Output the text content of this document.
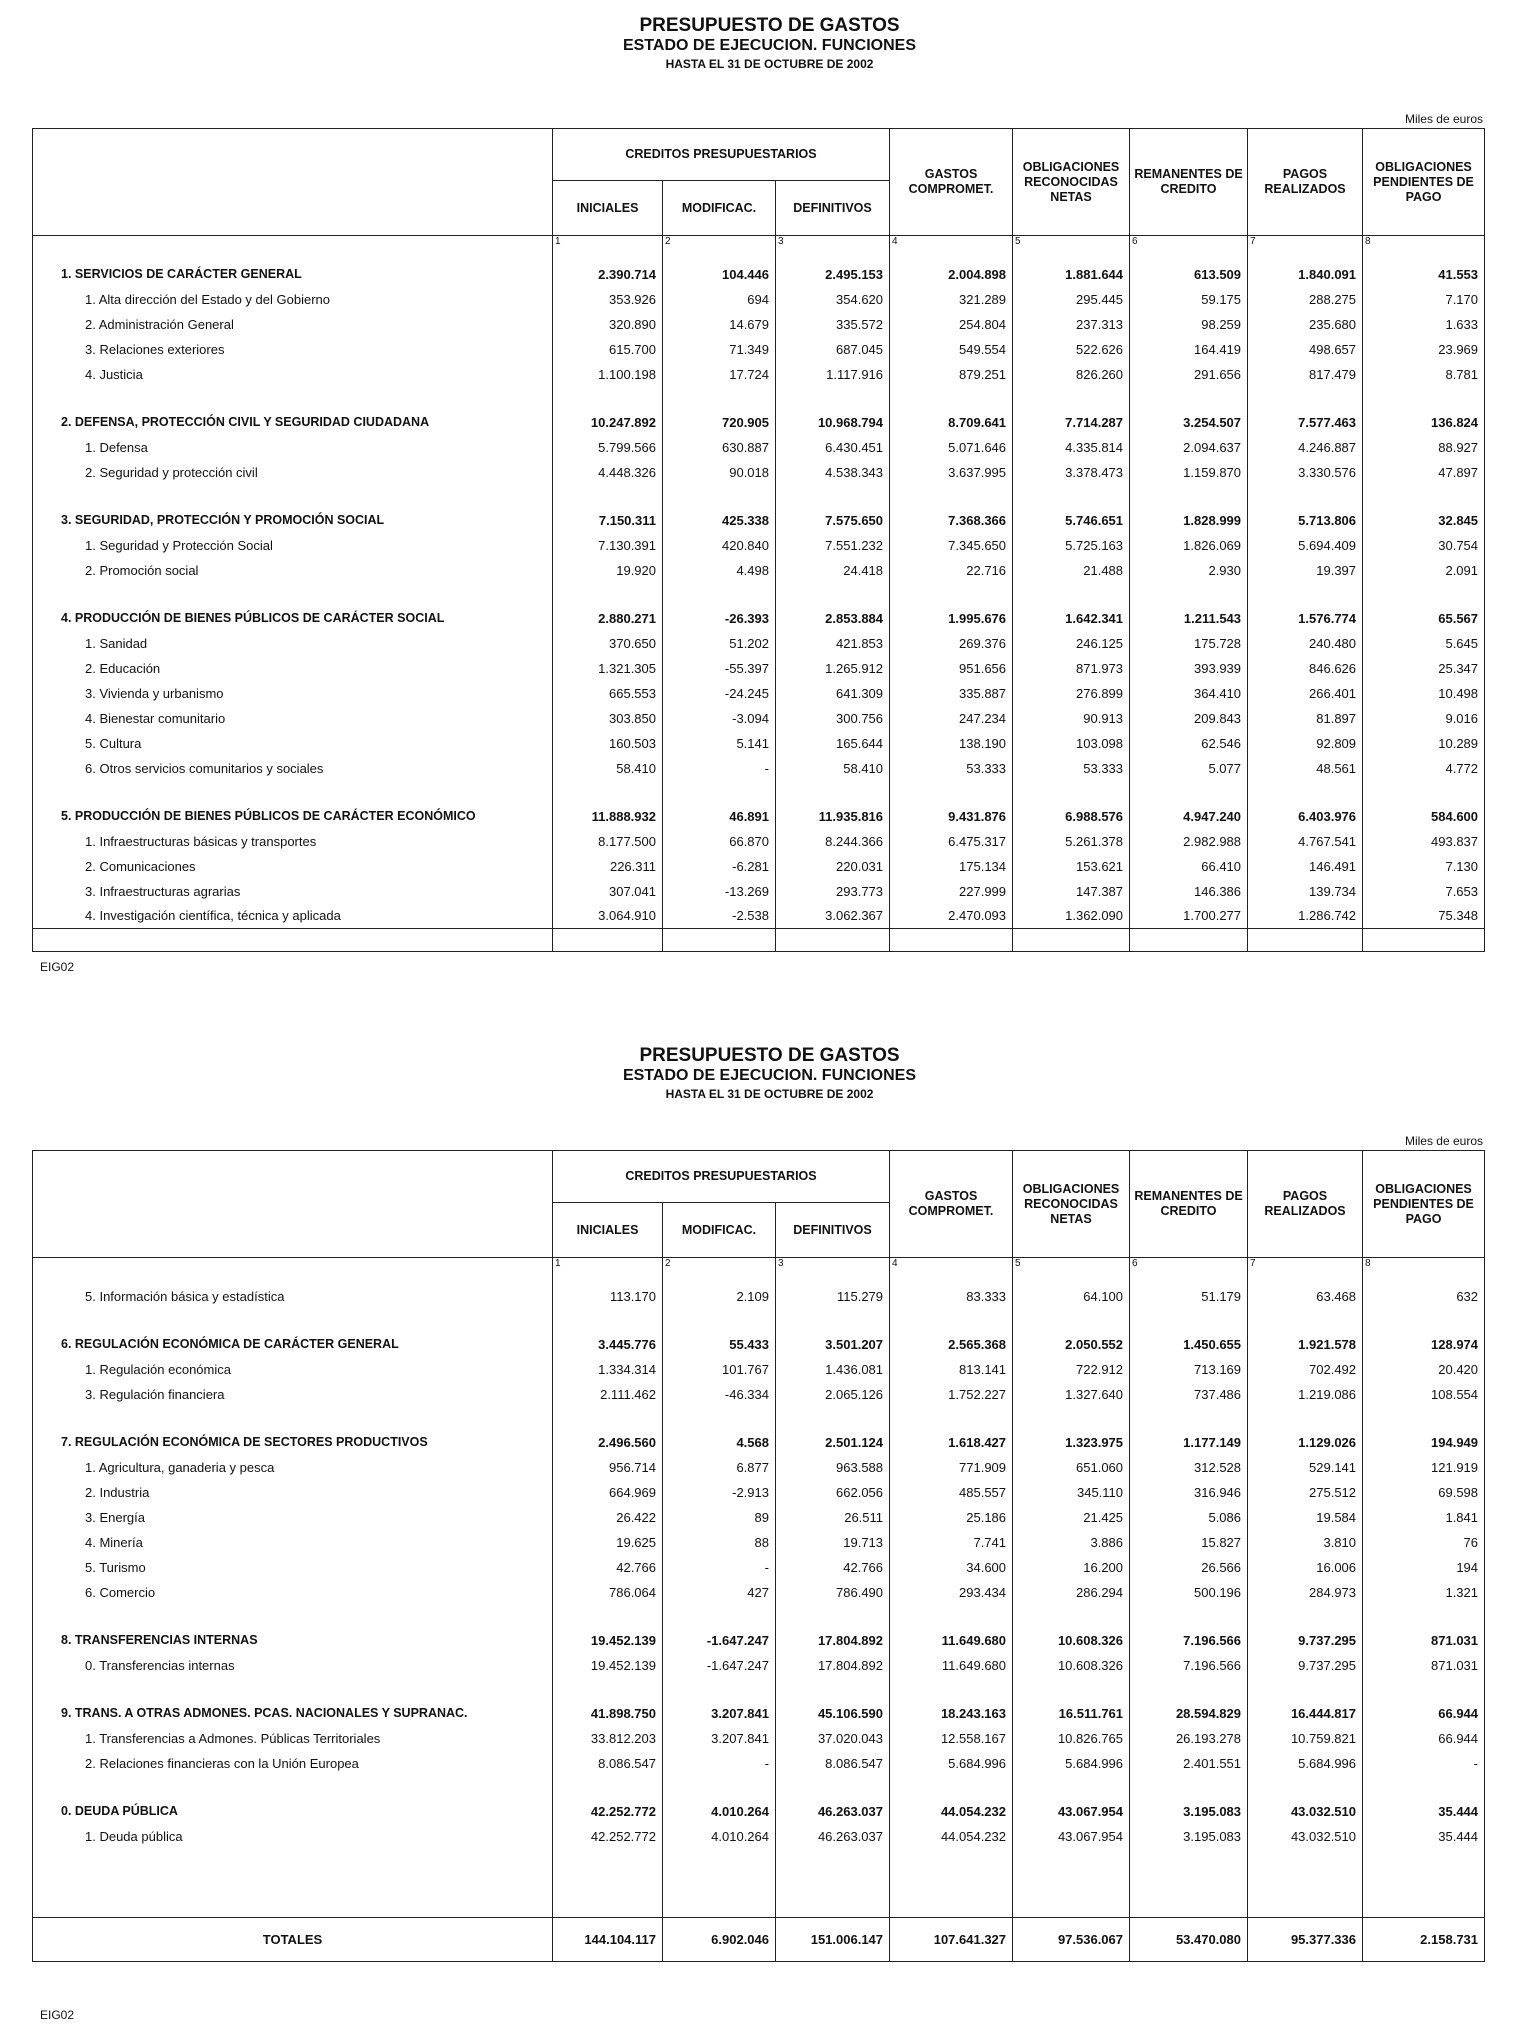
PRESUPUESTO DE GASTOS
ESTADO DE EJECUCION. FUNCIONES
HASTA EL 31 DE OCTUBRE DE 2002
Miles de euros
	CREDITOS PRESUPUESTARIOS			GASTOS COMPROMET.	OBLIGACIONES RECONOCIDAS NETAS	REMANENTES DE CREDITO	PAGOS REALIZADOS	OBLIGACIONES PENDIENTES DE PAGO
	INICIALES	MODIFICAC.	DEFINITIVOS					
	1	2	3	4	5	6	7	8

1. SERVICIOS DE CARÁCTER GENERAL	2.390.714	104.446	2.495.153	2.004.898	1.881.644	613.509	1.840.091	41.553
1. Alta dirección del Estado y del Gobierno	353.926	694	354.620	321.289	295.445	59.175	288.275	7.170
2. Administración General	320.890	14.679	335.572	254.804	237.313	98.259	235.680	1.633
3. Relaciones exteriores	615.700	71.349	687.045	549.554	522.626	164.419	498.657	23.969
4. Justicia	1.100.198	17.724	1.117.916	879.251	826.260	291.656	817.479	8.781

2. DEFENSA, PROTECCIÓN CIVIL Y SEGURIDAD CIUDADANA	10.247.892	720.905	10.968.794	8.709.641	7.714.287	3.254.507	7.577.463	136.824
1. Defensa	5.799.566	630.887	6.430.451	5.071.646	4.335.814	2.094.637	4.246.887	88.927
2. Seguridad y protección civil	4.448.326	90.018	4.538.343	3.637.995	3.378.473	1.159.870	3.330.576	47.897

3. SEGURIDAD, PROTECCIÓN Y PROMOCIÓN SOCIAL	7.150.311	425.338	7.575.650	7.368.366	5.746.651	1.828.999	5.713.806	32.845
1. Seguridad y Protección Social	7.130.391	420.840	7.551.232	7.345.650	5.725.163	1.826.069	5.694.409	30.754
2. Promoción social	19.920	4.498	24.418	22.716	21.488	2.930	19.397	2.091

4. PRODUCCIÓN DE BIENES PÚBLICOS DE CARÁCTER SOCIAL	2.880.271	-26.393	2.853.884	1.995.676	1.642.341	1.211.543	1.576.774	65.567
1. Sanidad	370.650	51.202	421.853	269.376	246.125	175.728	240.480	5.645
2. Educación	1.321.305	-55.397	1.265.912	951.656	871.973	393.939	846.626	25.347
3. Vivienda y urbanismo	665.553	-24.245	641.309	335.887	276.899	364.410	266.401	10.498
4. Bienestar comunitario	303.850	-3.094	300.756	247.234	90.913	209.843	81.897	9.016
5. Cultura	160.503	5.141	165.644	138.190	103.098	62.546	92.809	10.289
6. Otros servicios comunitarios y sociales	58.410	-	58.410	53.333	53.333	5.077	48.561	4.772

5. PRODUCCIÓN DE BIENES PÚBLICOS DE CARÁCTER ECONÓMICO	11.888.932	46.891	11.935.816	9.431.876	6.988.576	4.947.240	6.403.976	584.600
1. Infraestructuras básicas y transportes	8.177.500	66.870	8.244.366	6.475.317	5.261.378	2.982.988	4.767.541	493.837
2. Comunicaciones	226.311	-6.281	220.031	175.134	153.621	66.410	146.491	7.130
3. Infraestructuras agrarias	307.041	-13.269	293.773	227.999	147.387	146.386	139.734	7.653
4. Investigación científica, técnica y aplicada	3.064.910	-2.538	3.062.367	2.470.093	1.362.090	1.700.277	1.286.742	75.348

EIG02
PRESUPUESTO DE GASTOS
ESTADO DE EJECUCION. FUNCIONES
HASTA EL 31 DE OCTUBRE DE 2002
Miles de euros
	CREDITOS PRESUPUESTARIOS			GASTOS COMPROMET.	OBLIGACIONES RECONOCIDAS NETAS	REMANENTES DE CREDITO	PAGOS REALIZADOS	OBLIGACIONES PENDIENTES DE PAGO
	INICIALES	MODIFICAC.	DEFINITIVOS					
	1	2	3	4	5	6	7	8

5. Información básica y estadística	113.170	2.109	115.279	83.333	64.100	51.179	63.468	632

6. REGULACIÓN ECONÓMICA DE CARÁCTER GENERAL	3.445.776	55.433	3.501.207	2.565.368	2.050.552	1.450.655	1.921.578	128.974
1. Regulación económica	1.334.314	101.767	1.436.081	813.141	722.912	713.169	702.492	20.420
3. Regulación financiera	2.111.462	-46.334	2.065.126	1.752.227	1.327.640	737.486	1.219.086	108.554

7. REGULACIÓN ECONÓMICA DE SECTORES PRODUCTIVOS	2.496.560	4.568	2.501.124	1.618.427	1.323.975	1.177.149	1.129.026	194.949
1. Agricultura, ganaderia y pesca	956.714	6.877	963.588	771.909	651.060	312.528	529.141	121.919
2. Industria	664.969	-2.913	662.056	485.557	345.110	316.946	275.512	69.598
3. Energía	26.422	89	26.511	25.186	21.425	5.086	19.584	1.841
4. Minería	19.625	88	19.713	7.741	3.886	15.827	3.810	76
5. Turismo	42.766	-	42.766	34.600	16.200	26.566	16.006	194
6. Comercio	786.064	427	786.490	293.434	286.294	500.196	284.973	1.321

8. TRANSFERENCIAS INTERNAS	19.452.139	-1.647.247	17.804.892	11.649.680	10.608.326	7.196.566	9.737.295	871.031
0. Transferencias internas	19.452.139	-1.647.247	17.804.892	11.649.680	10.608.326	7.196.566	9.737.295	871.031

9. TRANS. A OTRAS ADMONES. PCAS. NACIONALES Y SUPRANAC.	41.898.750	3.207.841	45.106.590	18.243.163	16.511.761	28.594.829	16.444.817	66.944
1. Transferencias a Admones. Públicas Territoriales	33.812.203	3.207.841	37.020.043	12.558.167	10.826.765	26.193.278	10.759.821	66.944
2. Relaciones financieras con la Unión Europea	8.086.547	-	8.086.547	5.684.996	5.684.996	2.401.551	5.684.996	-

0. DEUDA PÚBLICA	42.252.772	4.010.264	46.263.037	44.054.232	43.067.954	3.195.083	43.032.510	35.444
1. Deuda pública	42.252.772	4.010.264	46.263.037	44.054.232	43.067.954	3.195.083	43.032.510	35.444

TOTALES	144.104.117	6.902.046	151.006.147	107.641.327	97.536.067	53.470.080	95.377.336	2.158.731
EIG02
